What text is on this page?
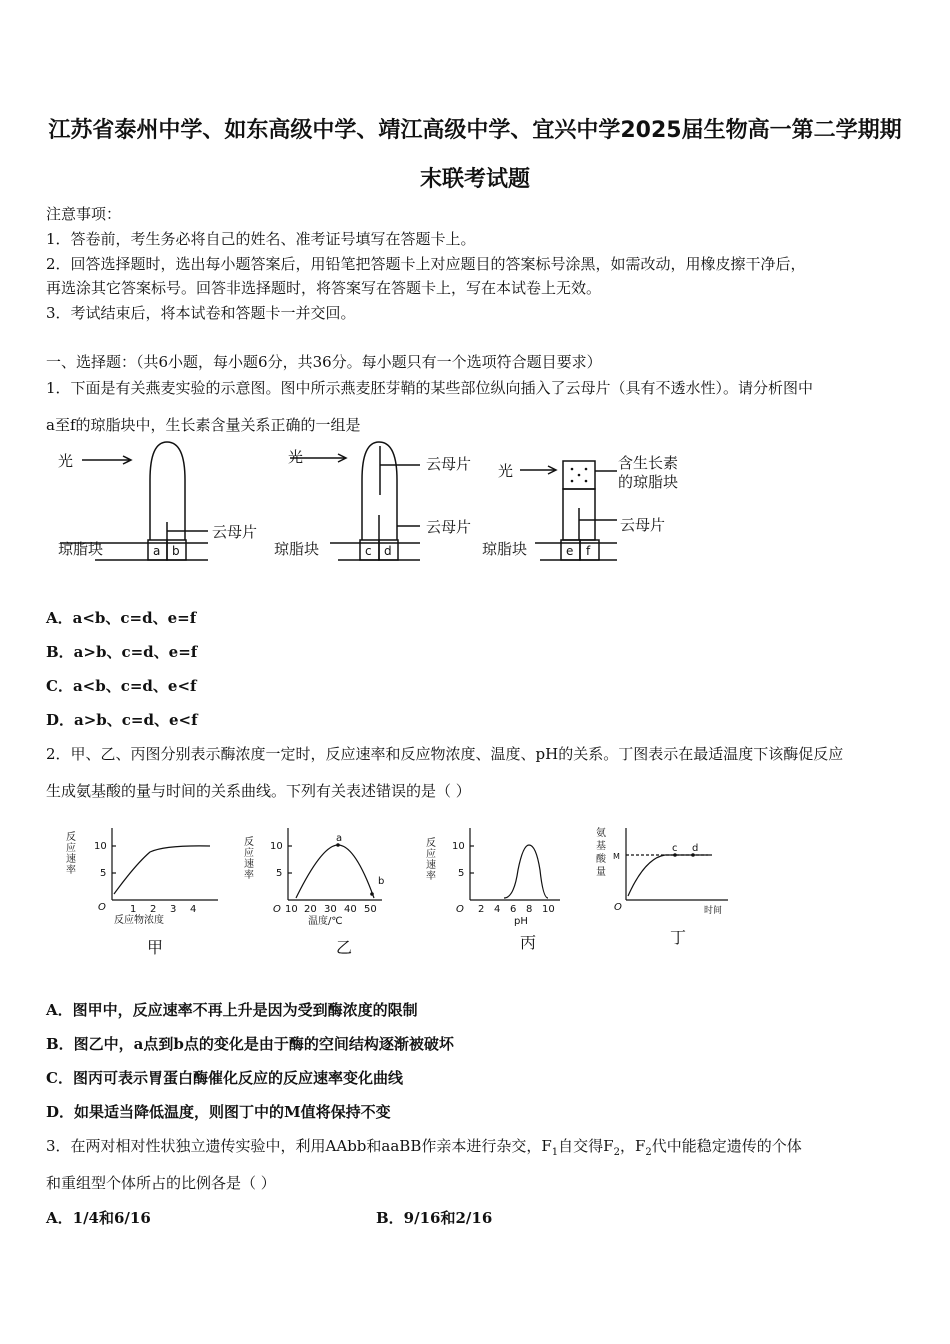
江苏省泰州中学、如东高级中学、靖江高级中学、宜兴中学2025届生物高一第二学期期
末联考试题
注意事项：
1．答卷前，考生务必将自己的姓名、准考证号填写在答题卡上。
2．回答选择题时，选出每小题答案后，用铅笔把答题卡上对应题目的答案标号涂黑，如需改动，用橡皮擦干净后，
再选涂其它答案标号。回答非选择题时，将答案写在答题卡上，写在本试卷上无效。
3．考试结束后，将本试卷和答题卡一并交回。
一、选择题：（共6小题，每小题6分，共36分。每小题只有一个选项符合题目要求）
1．下面是有关燕麦实验的示意图。图中所示燕麦胚芽鞘的某些部位纵向插入了云母片（具有不透水性）。请分析图中
a至f的琼脂块中，生长素含量关系正确的一组是
光	光
光
云母片
云母片
云母片	云母片
琼脂块	琼脂块	琼脂块
含生长素
的琼脂块
a b	c d	e f
A．a<b、c=d、e=f
B．a>b、c=d、e=f
C．a<b、c=d、e<f
D．a>b、c=d、e<f
2．甲、乙、丙图分别表示酶浓度一定时，反应速率和反应物浓度、温度、pH的关系。丁图表示在最适温度下该酶促反应
生成氨基酸的量与时间的关系曲线。下列有关表述错误的是（ ）
反
应
速
率
反
应
速
率
反
应
速
率
10
5
O 1 2 3 4
反应物浓度
甲
10
5
O 10 20 30 40 50
温度/℃
a
b
乙
10
5
O 2 4 6 8 10
pH
丙
氨
基
酸
量
M
c d
O	时间
丁
A．图甲中，反应速率不再上升是因为受到酶浓度的限制
B．图乙中，a点到b点的变化是由于酶的空间结构逐渐被破坏
C．图丙可表示胃蛋白酶催化反应的反应速率变化曲线
D．如果适当降低温度，则图丁中的M值将保持不变
3．在两对相对性状独立遗传实验中，利用AAbb和aaBB作亲本进行杂交，$F_1$自交得$F_2$，$F_2$代中能稳定遗传的个体
和重组型个体所占的比例各是（ ）
A．1/4和6/16	B．9/16和2/16
